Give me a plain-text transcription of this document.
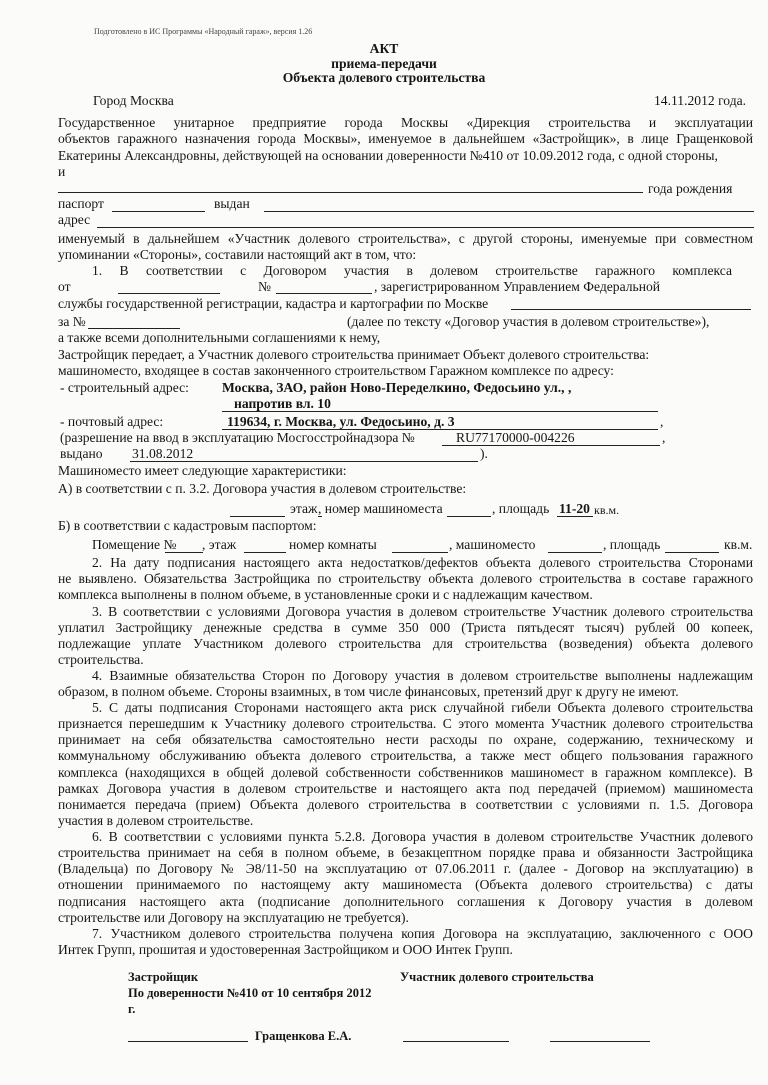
Подготовлено в ИС Программы «Народный гараж», версия 1.26
АКТ
приема-передачи
Объекта долевого строительства
Город Москва	14.11.2012 года.
Государственное унитарное предприятие города Москвы «Дирекция строительства и эксплуатации
объектов гаражного назначения города Москвы», именуемое в дальнейшем «Застройщик», в лице Гращенковой
Екатерины Александровны, действующей на основании доверенности №410 от 10.09.2012 года, с одной стороны,
и
года рождения
паспорт	выдан
адрес
именуемый в дальнейшем «Участник долевого строительства», с другой стороны, именуемые при совместном
упоминании «Стороны», составили настоящий акт в том, что:
1. В соответствии с Договором участия в долевом строительстве гаражного комплекса
от	№	, зарегистрированном Управлением Федеральной
службы государственной регистрации, кадастра и картографии по Москве
за №	(далее по тексту «Договор участия в долевом строительстве»),
а также всеми дополнительными соглашениями к нему,
Застройщик передает, а Участник долевого строительства принимает Объект долевого строительства:
машиноместо, входящее в состав законченного строительством Гаражном комплексе по адресу:
- строительный адрес: Москва, ЗАО, район Ново-Переделкино, Федосьино ул., ,
напротив вл. 10
- почтовый адрес:	119634, г. Москва, ул. Федосьино, д. 3	,
(разрешение на ввод в эксплуатацию Мосгосстройнадзора №	RU77170000-004226	,
выдано 31.08.2012	).
Машиноместо имеет следующие характеристики:
А) в соответствии с п. 3.2. Договора участия в долевом строительстве:
этаж , номер машиноместа	, площадь 11-20 кв.м.
Б) в соответствии с кадастровым паспортом:
Помещение № , этаж	номер комнаты	, машиноместо	, площадь	кв.м.
2. На дату подписания настоящего акта недостатков/дефектов объекта долевого строительства Сторонами
не выявлено. Обязательства Застройщика по строительству объекта долевого строительства в составе гаражного
комплекса выполнены в полном объеме, в установленные сроки и с надлежащим качеством.
3. В соответствии с условиями Договора участия в долевом строительстве Участник долевого строительства
уплатил Застройщику денежные средства в сумме 350 000 (Триста пятьдесят тысяч) рублей 00 копеек,
подлежащие уплате Участником долевого строительства для строительства (возведения) объекта долевого
строительства.
4. Взаимные обязательства Сторон по Договору участия в долевом строительстве выполнены надлежащим
образом, в полном объеме. Стороны взаимных, в том числе финансовых, претензий друг к другу не имеют.
5. С даты подписания Сторонами настоящего акта риск случайной гибели Объекта долевого строительства
признается перешедшим к Участнику долевого строительства. С этого момента Участник долевого строительства
принимает на себя обязательства самостоятельно нести расходы по охране, содержанию, техническому и
коммунальному обслуживанию объекта долевого строительства, а также мест общего пользования гаражного
комплекса (находящихся в общей долевой собственности собственников машиномест в гаражном комплексе). В
рамках Договора участия в долевом строительстве и настоящего акта под передачей (приемом) машиноместа
понимается передача (прием) Объекта долевого строительства в соответствии с условиями п. 1.5. Договора
участия в долевом строительстве.
6. В соответствии с условиями пункта 5.2.8. Договора участия в долевом строительстве Участник долевого
строительства принимает на себя в полном объеме, в безакцептном порядке права и обязанности Застройщика
(Владельца) по Договору № Э8/11-50 на эксплуатацию от 07.06.2011 г. (далее - Договор на эксплуатацию) в
отношении принимаемого по настоящему акту машиноместа (Объекта долевого строительства) с даты
подписания настоящего акта (подписание дополнительного соглашения к Договору участия в долевом
строительстве или Договору на эксплуатацию не требуется).
7. Участником долевого строительства получена копия Договора на эксплуатацию, заключенного с ООО
Интек Групп, прошитая и удостоверенная Застройщиком и ООО Интек Групп.
Застройщик
По доверенности №410 от 10 сентября 2012
г.
Участник долевого строительства
Гращенкова Е.А.
